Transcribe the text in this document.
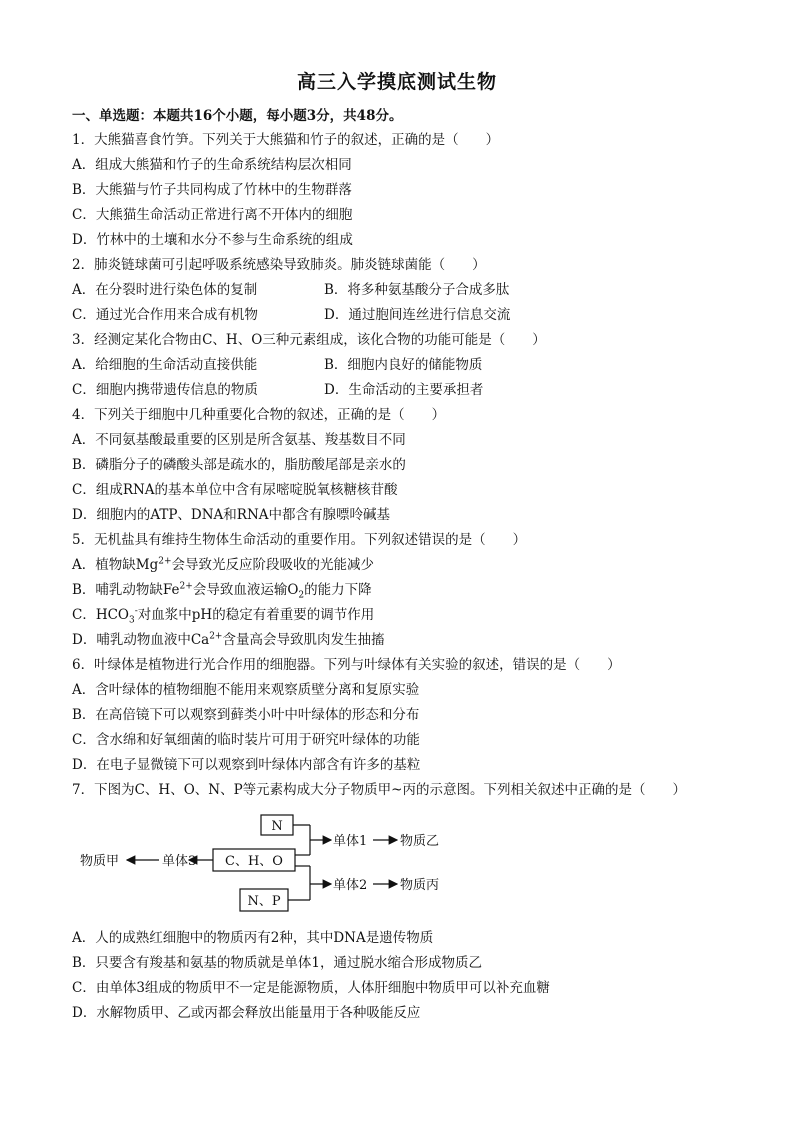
高三入学摸底测试生物
一、单选题：本题共16个小题，每小题3分，共48分。
1．大熊猫喜食竹笋。下列关于大熊猫和竹子的叙述，正确的是（　　）
A．组成大熊猫和竹子的生命系统结构层次相同
B．大熊猫与竹子共同构成了竹林中的生物群落
C．大熊猫生命活动正常进行离不开体内的细胞
D．竹林中的土壤和水分不参与生命系统的组成
2．肺炎链球菌可引起呼吸系统感染导致肺炎。肺炎链球菌能（　　）
A．在分裂时进行染色体的复制	B．将多种氨基酸分子合成多肽
C．通过光合作用来合成有机物	D．通过胞间连丝进行信息交流
3．经测定某化合物由C、H、O三种元素组成，该化合物的功能可能是（　　）
A．给细胞的生命活动直接供能	B．细胞内良好的储能物质
C．细胞内携带遗传信息的物质	D．生命活动的主要承担者
4．下列关于细胞中几种重要化合物的叙述，正确的是（　　）
A．不同氨基酸最重要的区别是所含氨基、羧基数目不同
B．磷脂分子的磷酸头部是疏水的，脂肪酸尾部是亲水的
C．组成RNA的基本单位中含有尿嘧啶脱氧核糖核苷酸
D．细胞内的ATP、DNA和RNA中都含有腺嘌呤碱基
5．无机盐具有维持生物体生命活动的重要作用。下列叙述错误的是（　　）
A．植物缺$Mg^{2+}$会导致光反应阶段吸收的光能减少
B．哺乳动物缺$Fe^{2+}$会导致血液运输$O_2$的能力下降
C．$HCO_3^-$对血浆中pH的稳定有着重要的调节作用
D．哺乳动物血液中$Ca^{2+}$含量高会导致肌肉发生抽搐
6．叶绿体是植物进行光合作用的细胞器。下列与叶绿体有关实验的叙述，错误的是（　　）
A．含叶绿体的植物细胞不能用来观察质壁分离和复原实验
B．在高倍镜下可以观察到藓类小叶中叶绿体的形态和分布
C．含水绵和好氧细菌的临时装片可用于研究叶绿体的功能
D．在电子显微镜下可以观察到叶绿体内部含有许多的基粒
7．下图为C、H、O、N、P等元素构成大分子物质甲~丙的示意图。下列相关叙述中正确的是（　　）
N
C、H、O
N、P
物质甲	单体3
单体1	物质乙
单体2	物质丙
A．人的成熟红细胞中的物质丙有2种，其中DNA是遗传物质
B．只要含有羧基和氨基的物质就是单体1，通过脱水缩合形成物质乙
C．由单体3组成的物质甲不一定是能源物质，人体肝细胞中物质甲可以补充血糖
D．水解物质甲、乙或丙都会释放出能量用于各种吸能反应
